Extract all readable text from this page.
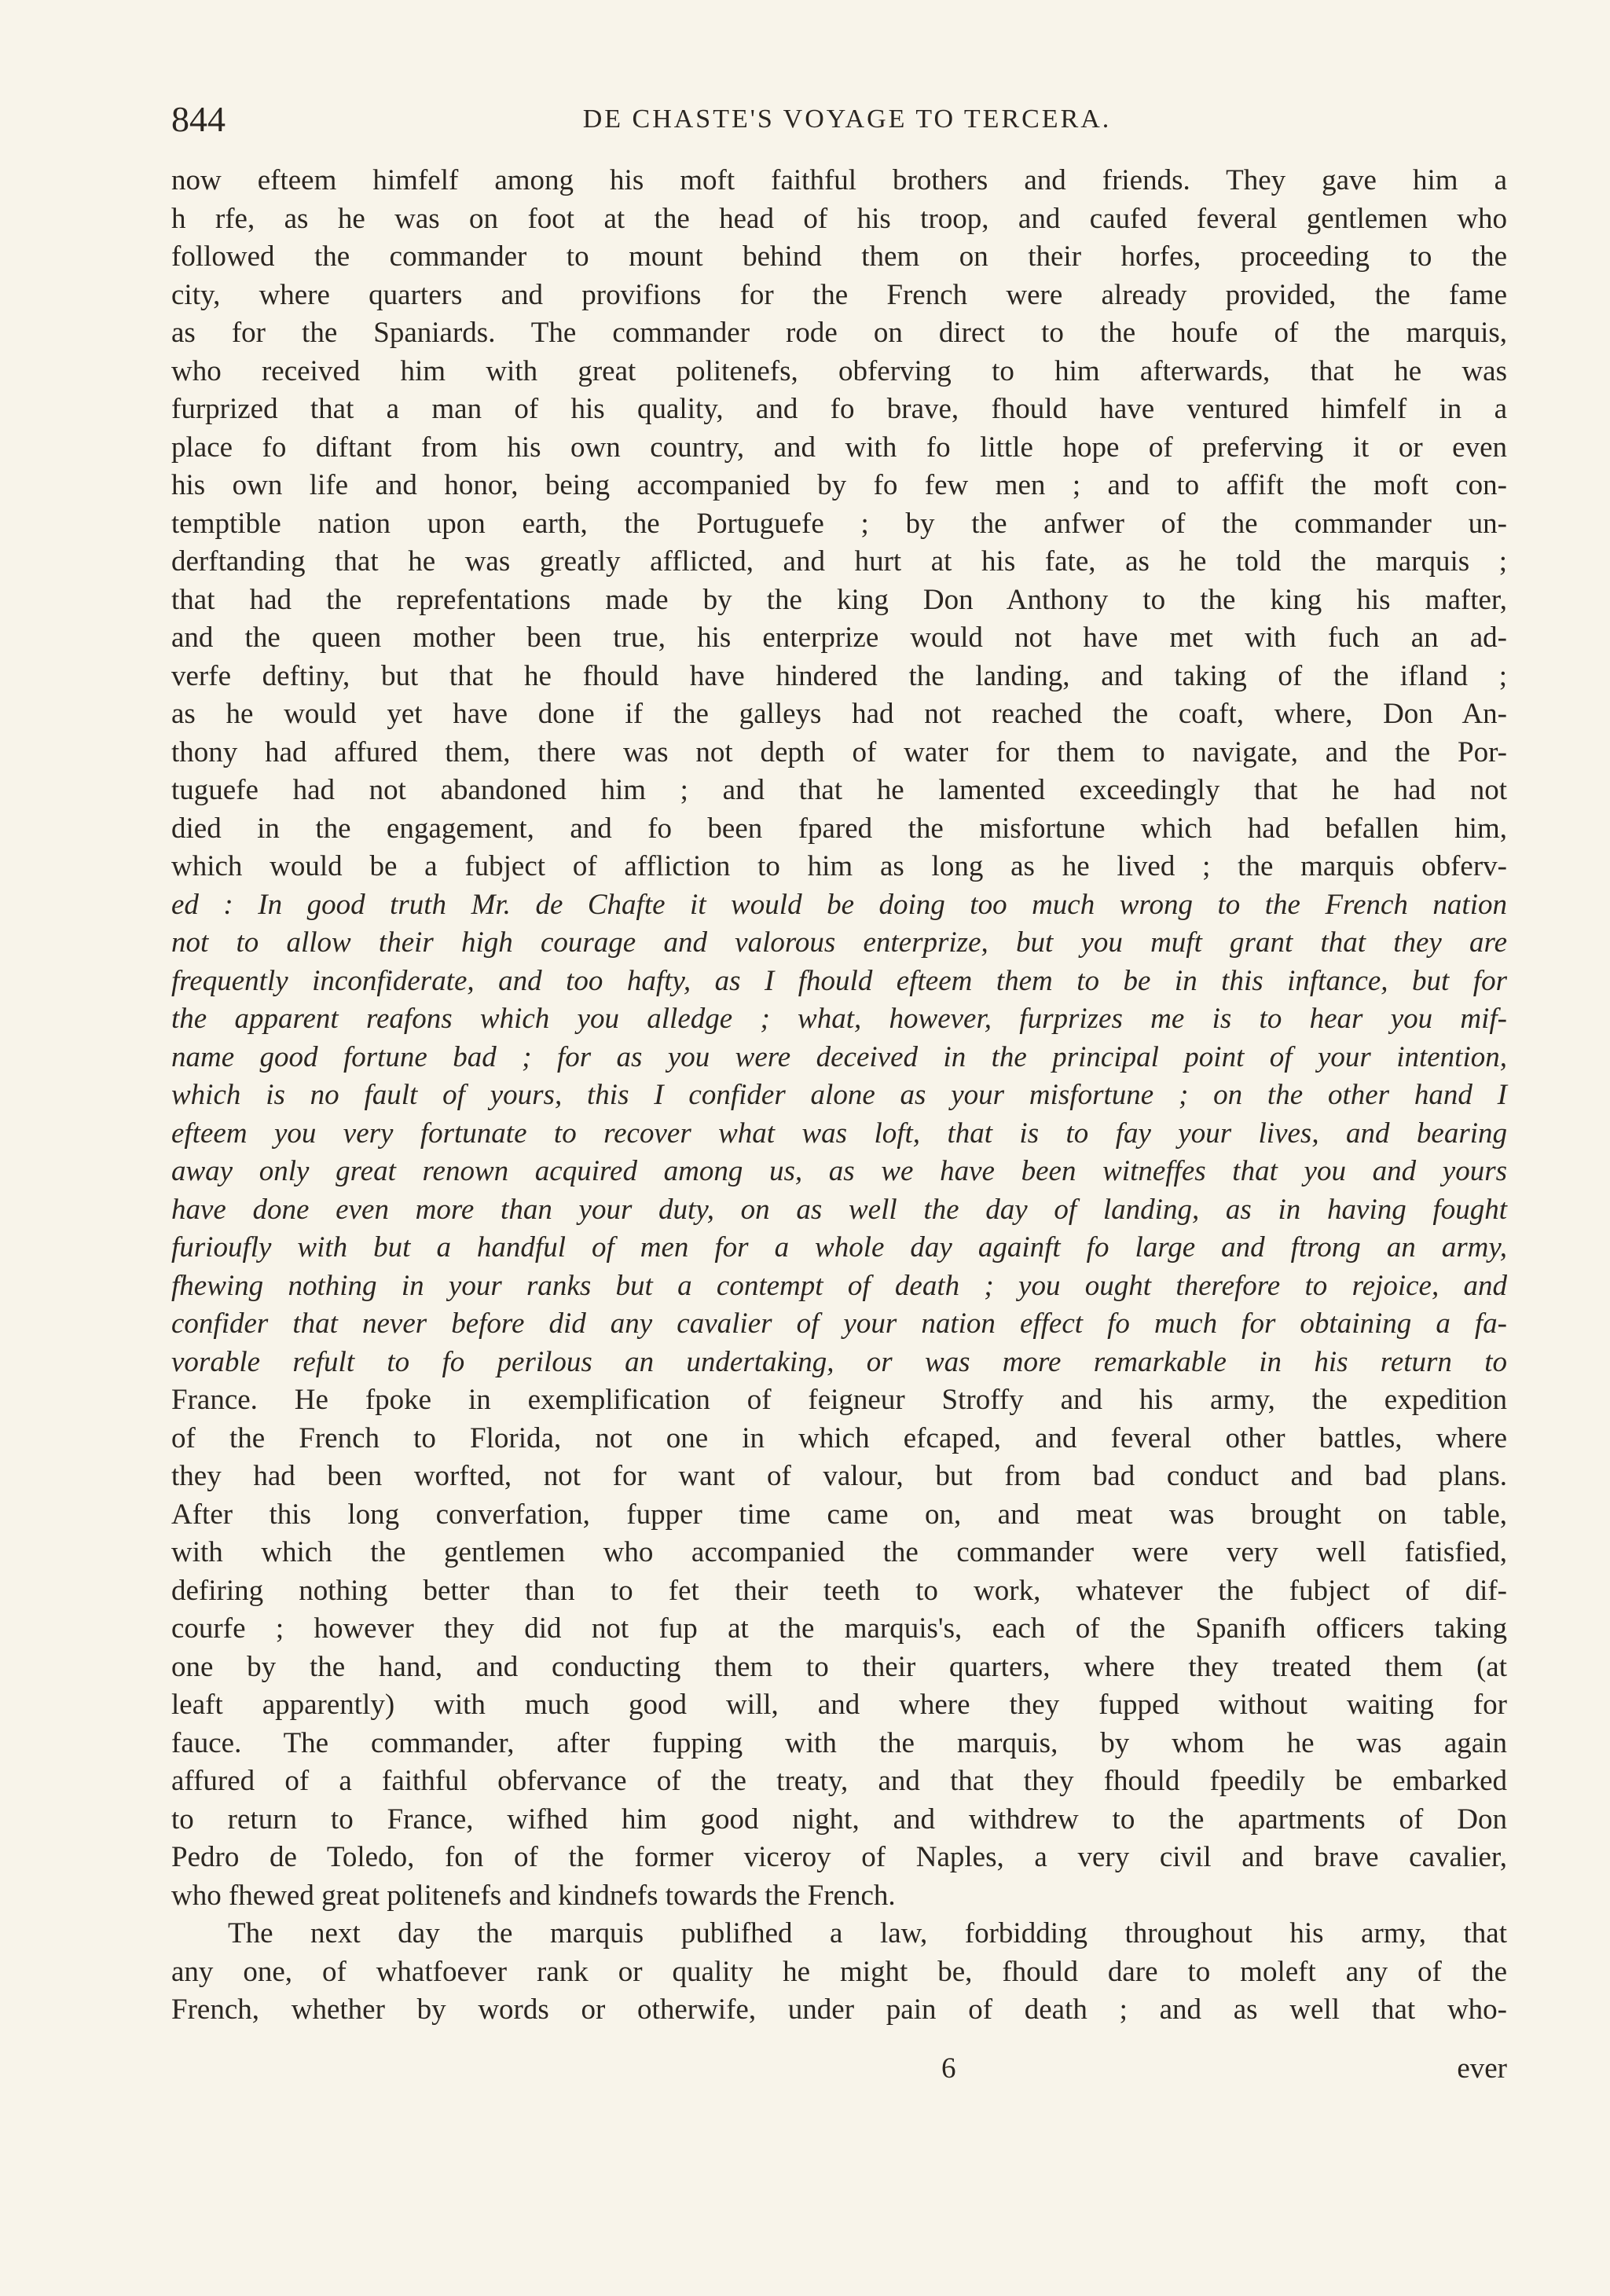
844	DE CHASTE'S VOYAGE TO TERCERA.
now efteem himfelf among his moft faithful brothers and friends. They gave him a
h rfe, as he was on foot at the head of his troop, and caufed feveral gentlemen who
followed the commander to mount behind them on their horfes, proceeding to the
city, where quarters and provifions for the French were already provided, the fame
as for the Spaniards. The commander rode on direct to the houfe of the marquis,
who received him with great politenefs, obferving to him afterwards, that he was
furprized that a man of his quality, and fo brave, fhould have ventured himfelf in a
place fo diftant from his own country, and with fo little hope of preferving it or even
his own life and honor, being accompanied by fo few men ; and to affift the moft con-
temptible nation upon earth, the Portuguefe ; by the anfwer of the commander un-
derftanding that he was greatly afflicted, and hurt at his fate, as he told the marquis ;
that had the reprefentations made by the king Don Anthony to the king his mafter,
and the queen mother been true, his enterprize would not have met with fuch an ad-
verfe deftiny, but that he fhould have hindered the landing, and taking of the ifland ;
as he would yet have done if the galleys had not reached the coaft, where, Don An-
thony had affured them, there was not depth of water for them to navigate, and the Por-
tuguefe had not abandoned him ; and that he lamented exceedingly that he had not
died in the engagement, and fo been fpared the misfortune which had befallen him,
which would be a fubject of affliction to him as long as he lived ; the marquis obferv-
ed : In good truth Mr. de Chafte it would be doing too much wrong to the French nation
not to allow their high courage and valorous enterprize, but you muft grant that they are
frequently inconfiderate, and too hafty, as I fhould efteem them to be in this inftance, but for
the apparent reafons which you alledge ; what, however, furprizes me is to hear you mif-
name good fortune bad ; for as you were deceived in the principal point of your intention,
which is no fault of yours, this I confider alone as your misfortune ; on the other hand I
efteem you very fortunate to recover what was loft, that is to fay your lives, and bearing
away only great renown acquired among us, as we have been witneffes that you and yours
have done even more than your duty, on as well the day of landing, as in having fought
furioufly with but a handful of men for a whole day againft fo large and ftrong an army,
fhewing nothing in your ranks but a contempt of death ; you ought therefore to rejoice, and
confider that never before did any cavalier of your nation effect fo much for obtaining a fa-
vorable refult to fo perilous an undertaking, or was more remarkable in his return to
France. He fpoke in exemplification of feigneur Stroffy and his army, the expedition
of the French to Florida, not one in which efcaped, and feveral other battles, where
they had been worfted, not for want of valour, but from bad conduct and bad plans.
After this long converfation, fupper time came on, and meat was brought on table,
with which the gentlemen who accompanied the commander were very well fatisfied,
defiring nothing better than to fet their teeth to work, whatever the fubject of dif-
courfe ; however they did not fup at the marquis's, each of the Spanifh officers taking
one by the hand, and conducting them to their quarters, where they treated them (at
leaft apparently) with much good will, and where they fupped without waiting for
fauce. The commander, after fupping with the marquis, by whom he was again
affured of a faithful obfervance of the treaty, and that they fhould fpeedily be embarked
to return to France, wifhed him good night, and withdrew to the apartments of Don
Pedro de Toledo, fon of the former viceroy of Naples, a very civil and brave cavalier,
who fhewed great politenefs and kindnefs towards the French.
The next day the marquis publifhed a law, forbidding throughout his army, that
any one, of whatfoever rank or quality he might be, fhould dare to moleft any of the
French, whether by words or otherwife, under pain of death ; and as well that who-
6	ever
